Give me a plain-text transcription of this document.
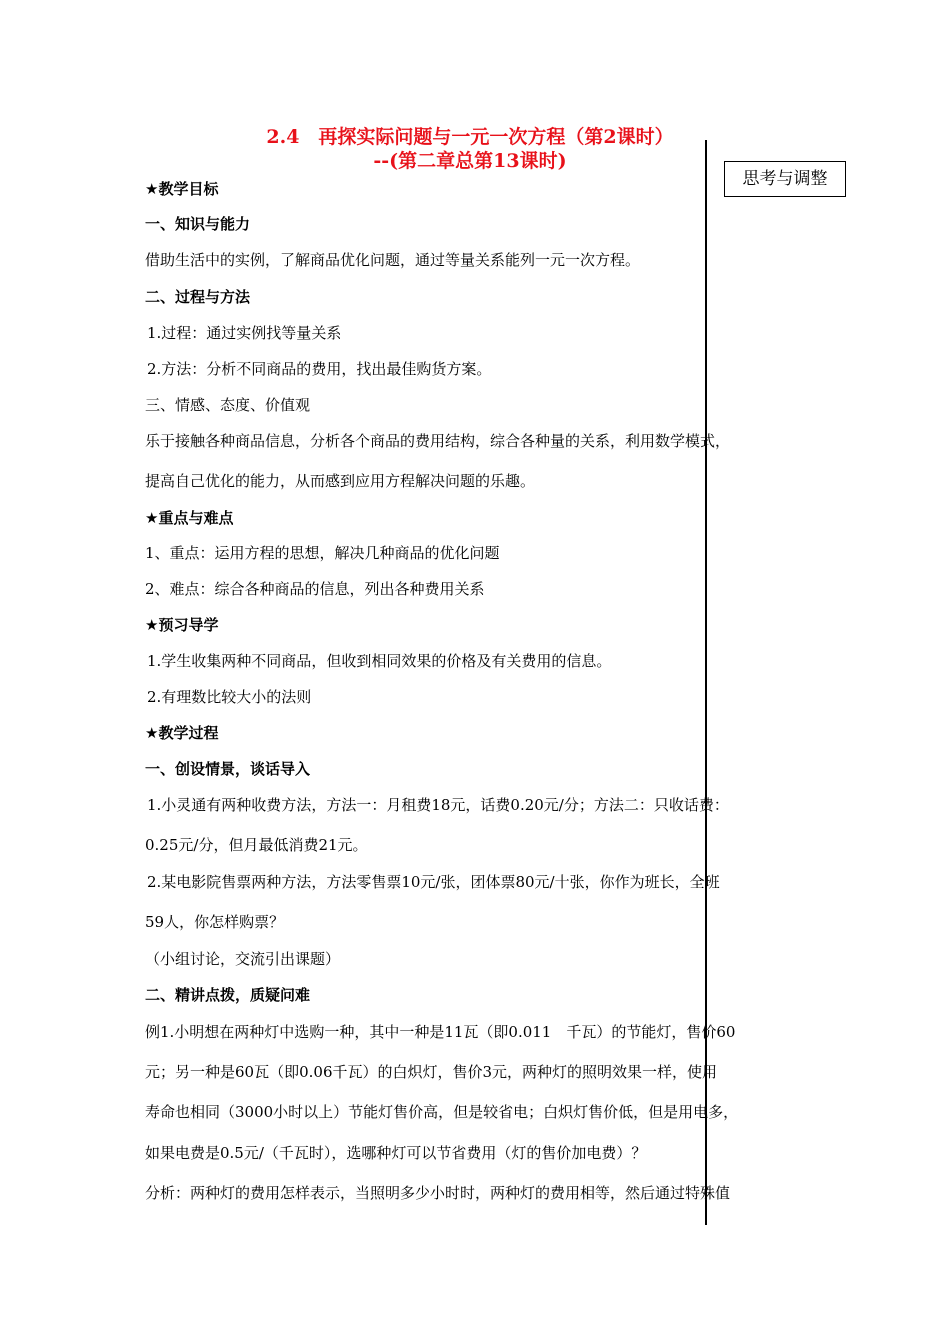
2.4　再探实际问题与一元一次方程（第2课时）
--(第二章总第13课时)
思考与调整
★教学目标
一、知识与能力
借助生活中的实例，了解商品优化问题，通过等量关系能列一元一次方程。
二、过程与方法
1.过程：通过实例找等量关系
2.方法：分析不同商品的费用，找出最佳购货方案。
三、情感、态度、价值观
乐于接触各种商品信息，分析各个商品的费用结构，综合各种量的关系，利用数学模式，
提高自己优化的能力，从而感到应用方程解决问题的乐趣。
★重点与难点
1、重点：运用方程的思想，解决几种商品的优化问题
2、难点：综合各种商品的信息，列出各种费用关系
★预习导学
1.学生收集两种不同商品，但收到相同效果的价格及有关费用的信息。
2.有理数比较大小的法则
★教学过程
一、创设情景，谈话导入
1.小灵通有两种收费方法，方法一：月租费18元，话费0.20元/分；方法二：只收话费：
0.25元/分，但月最低消费21元。
2.某电影院售票两种方法，方法零售票10元/张，团体票80元/十张，你作为班长，全班
59人，你怎样购票？
（小组讨论，交流引出课题）
二、精讲点拨，质疑问难
例1.小明想在两种灯中选购一种，其中一种是11瓦（即0.011　千瓦）的节能灯，售价60
元；另一种是60瓦（即0.06千瓦）的白炽灯，售价3元，两种灯的照明效果一样，使用
寿命也相同（3000小时以上）节能灯售价高，但是较省电；白炽灯售价低，但是用电多，
如果电费是0.5元/（千瓦时），选哪种灯可以节省费用（灯的售价加电费）？
分析：两种灯的费用怎样表示，当照明多少小时时，两种灯的费用相等，然后通过特殊值
